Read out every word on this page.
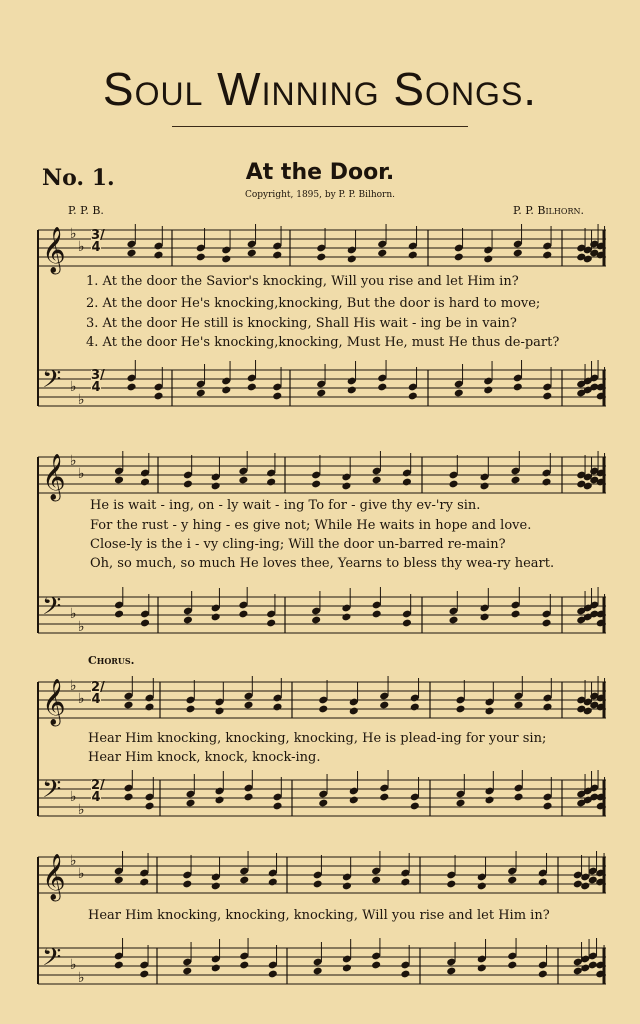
Soul Winning Songs.
No. 1.	At the Door.
Copyright, 1895, by P. P. Bilhorn.
P. P. B.	P. P. Bilhorn.
1. At the door the Savior's knocking, Will you rise and let Him in?
2. At the door He's knocking,knocking, But the door is hard to move;
3. At the door He still is knocking, Shall His wait - ing be in vain?
4. At the door He's knocking,knocking, Must He, must He thus de-part?
He is wait - ing, on - ly wait - ing To for - give thy ev-'ry sin.
For the rust - y hing - es give not; While He waits in hope and love.
Close-ly is the i - vy cling-ing; Will the door un-barred re-main?
Oh, so much, so much He loves thee, Yearns to bless thy wea-ry heart.
Chorus.
Hear Him knocking, knocking, knocking, He is plead-ing for your sin;
Hear Him knock, knock, knock-ing.
Hear Him knocking, knocking, knocking, Will you rise and let Him in?
3/4
3/4
2/4
2/4
𝄞 ♭
♭
𝄢 ♭
♭
𝄞 ♭
♭
𝄢 ♭
♭
𝄞 ♭
♭
𝄢 ♭
♭
𝄞 ♭
♭
𝄢 ♭
♭
